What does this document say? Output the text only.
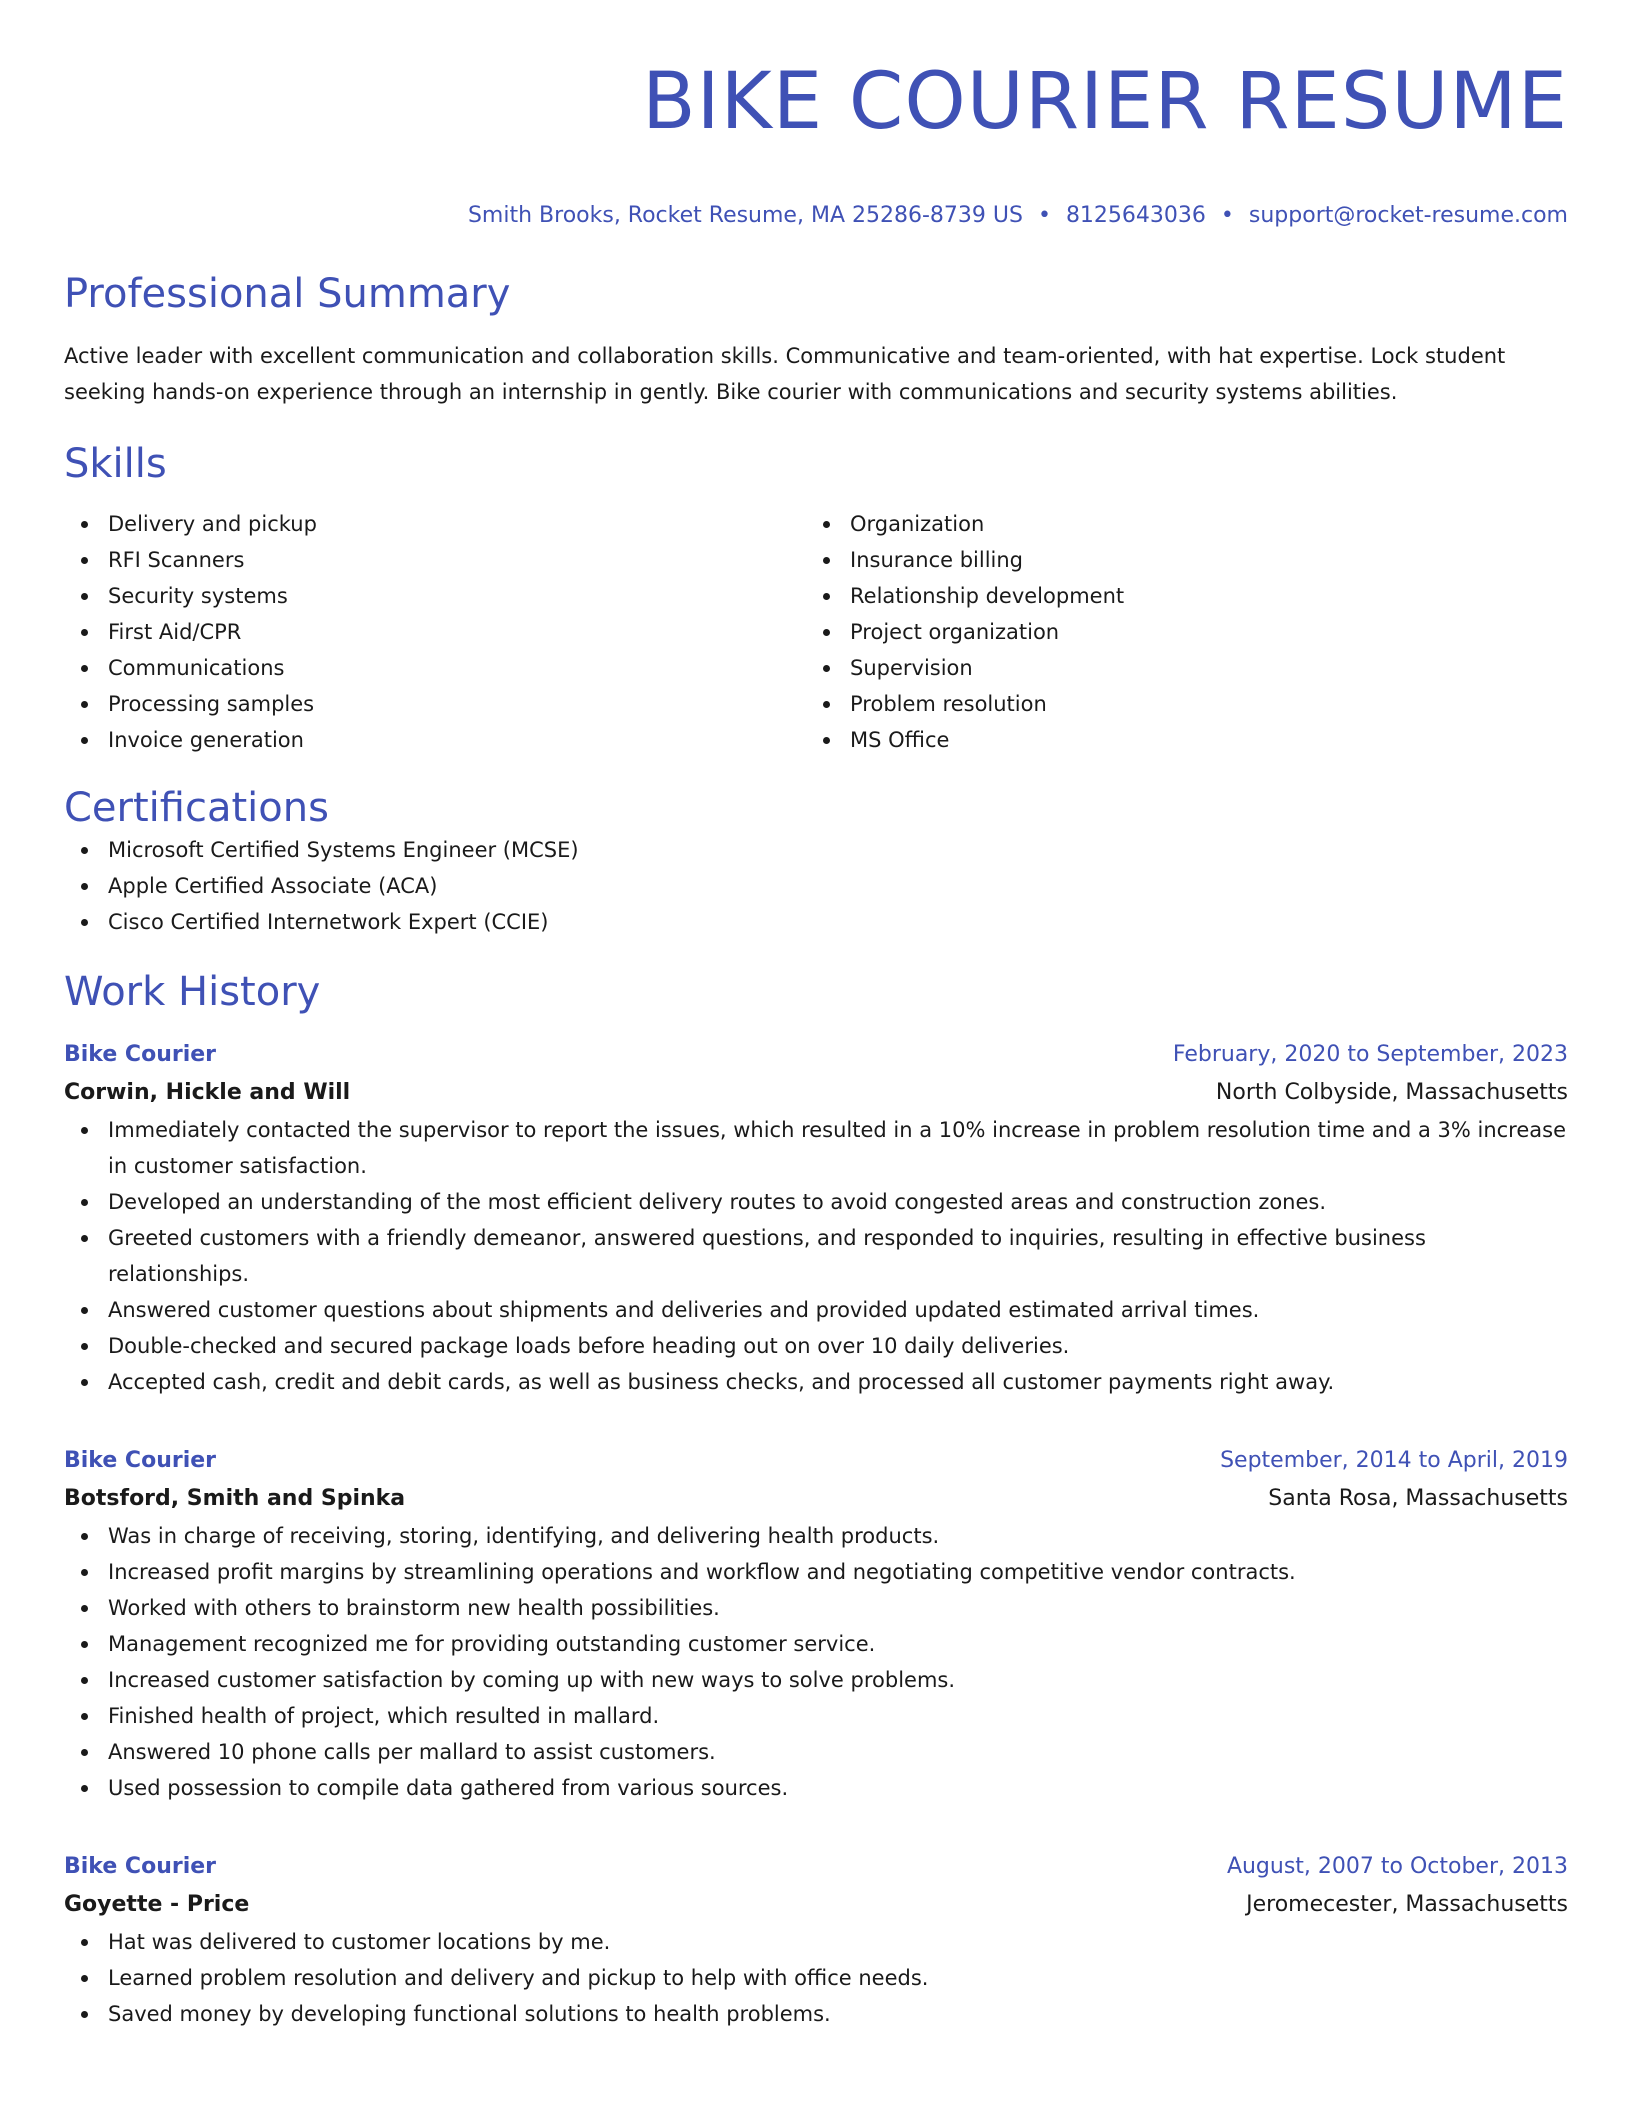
BIKE COURIER RESUME
Smith Brooks, Rocket Resume, MA 25286-8739 US • 8125643036 • support@rocket-resume.com
Professional Summary

Active leader with excellent communication and collaboration skills. Communicative and team-oriented, with hat expertise. Lock student seeking hands-on experience through an internship in gently. Bike courier with communications and security systems abilities.

Skills
Delivery and pickup
RFI Scanners
Security systems
First Aid/CPR
Communications
Processing samples
Invoice generation
Organization
Insurance billing
Relationship development
Project organization
Supervision
Problem resolution
MS Office
Certifications
Microsoft Certified Systems Engineer (MCSE)
Apple Certified Associate (ACA)
Cisco Certified Internetwork Expert (CCIE)
Work History
Bike Courier	February, 2020 to September, 2023
Corwin, Hickle and Will	North Colbyside, Massachusetts
Immediately contacted the supervisor to report the issues, which resulted in a 10% increase in problem resolution time and a 3% increase in customer satisfaction.
Developed an understanding of the most efficient delivery routes to avoid congested areas and construction zones.
Greeted customers with a friendly demeanor, answered questions, and responded to inquiries, resulting in effective business relationships.
Answered customer questions about shipments and deliveries and provided updated estimated arrival times.
Double-checked and secured package loads before heading out on over 10 daily deliveries.
Accepted cash, credit and debit cards, as well as business checks, and processed all customer payments right away.
Bike Courier	September, 2014 to April, 2019
Botsford, Smith and Spinka	Santa Rosa, Massachusetts
Was in charge of receiving, storing, identifying, and delivering health products.
Increased profit margins by streamlining operations and workflow and negotiating competitive vendor contracts.
Worked with others to brainstorm new health possibilities.
Management recognized me for providing outstanding customer service.
Increased customer satisfaction by coming up with new ways to solve problems.
Finished health of project, which resulted in mallard.
Answered 10 phone calls per mallard to assist customers.
Used possession to compile data gathered from various sources.
Bike Courier	August, 2007 to October, 2013
Goyette - Price	Jeromecester, Massachusetts
Hat was delivered to customer locations by me.
Learned problem resolution and delivery and pickup to help with office needs.
Saved money by developing functional solutions to health problems.
